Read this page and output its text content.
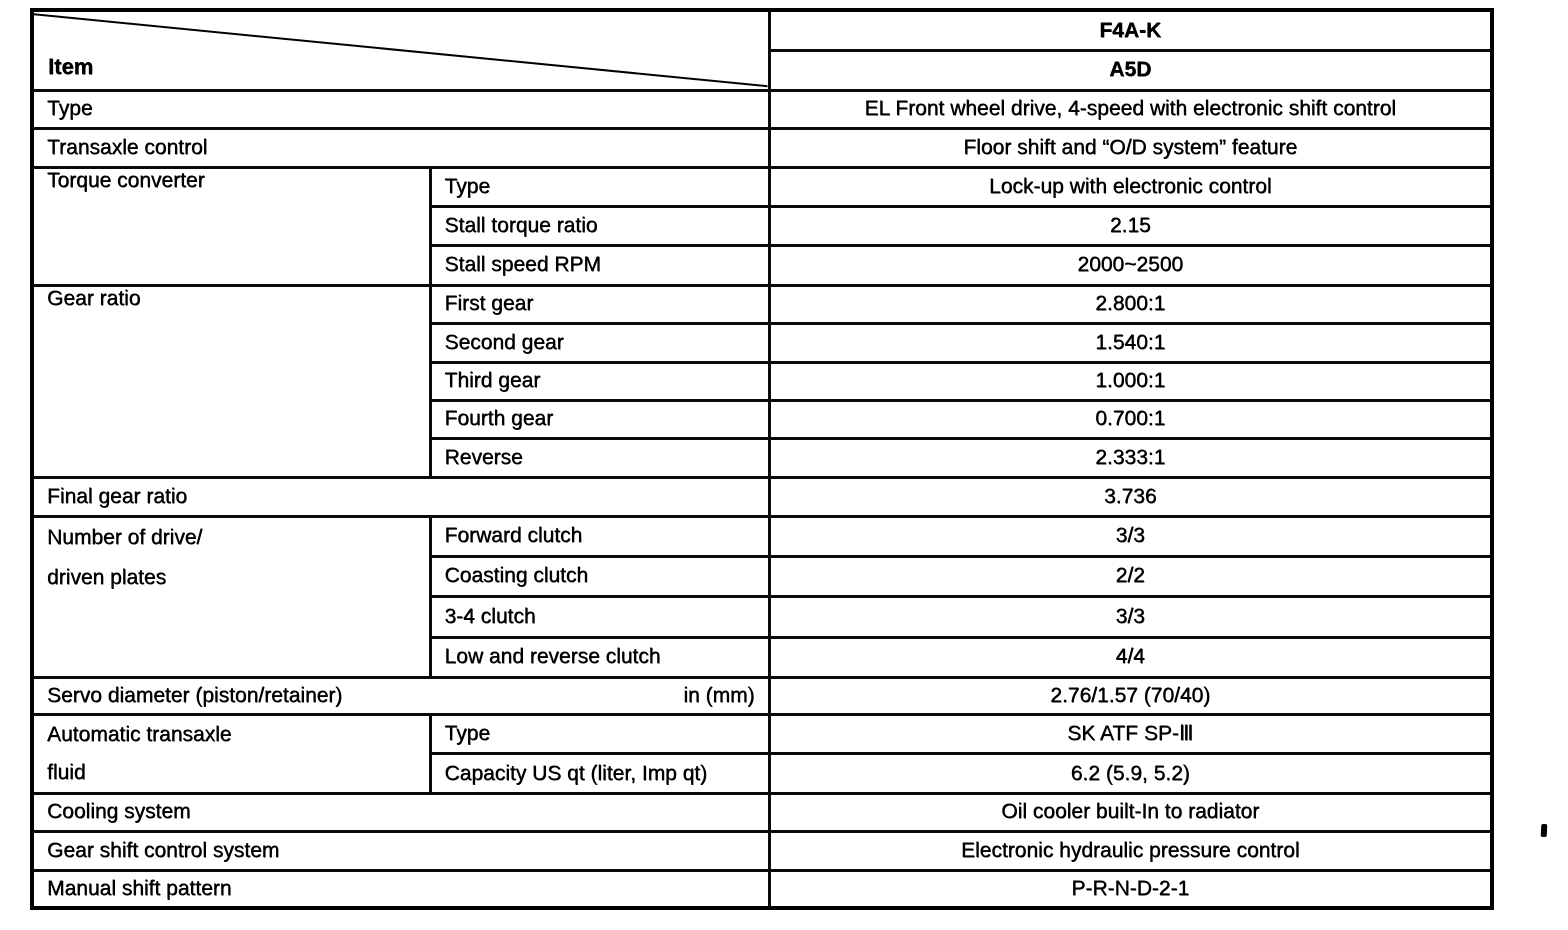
Item		F4A-K
		A5D
Type		EL Front wheel drive, 4-speed with electronic shift control
Transaxle control		Floor shift and “O/D system” feature
Torque converter	Type	Lock-up with electronic control
	Stall torque ratio	2.15
	Stall speed RPM	2000~2500
Gear ratio	First gear	2.800:1
	Second gear	1.540:1
	Third gear	1.000:1
	Fourth gear	0.700:1
	Reverse	2.333:1
Final gear ratio		3.736

Number of drive/
driven plates	Forward clutch	3/3
	Coasting clutch	2/2
	3-4 clutch	3/3
	Low and reverse clutch	4/4
Servo diameter (piston/retainer) in (mm)		2.76/1.57 (70/40)

Automatic transaxle
fluid	Type	SK ATF SP-Ⅲ
	Capacity US qt (liter, Imp qt)	6.2 (5.9, 5.2)
Cooling system		Oil cooler built-In to radiator
Gear shift control system		Electronic hydraulic pressure control
Manual shift pattern		P-R-N-D-2-1
